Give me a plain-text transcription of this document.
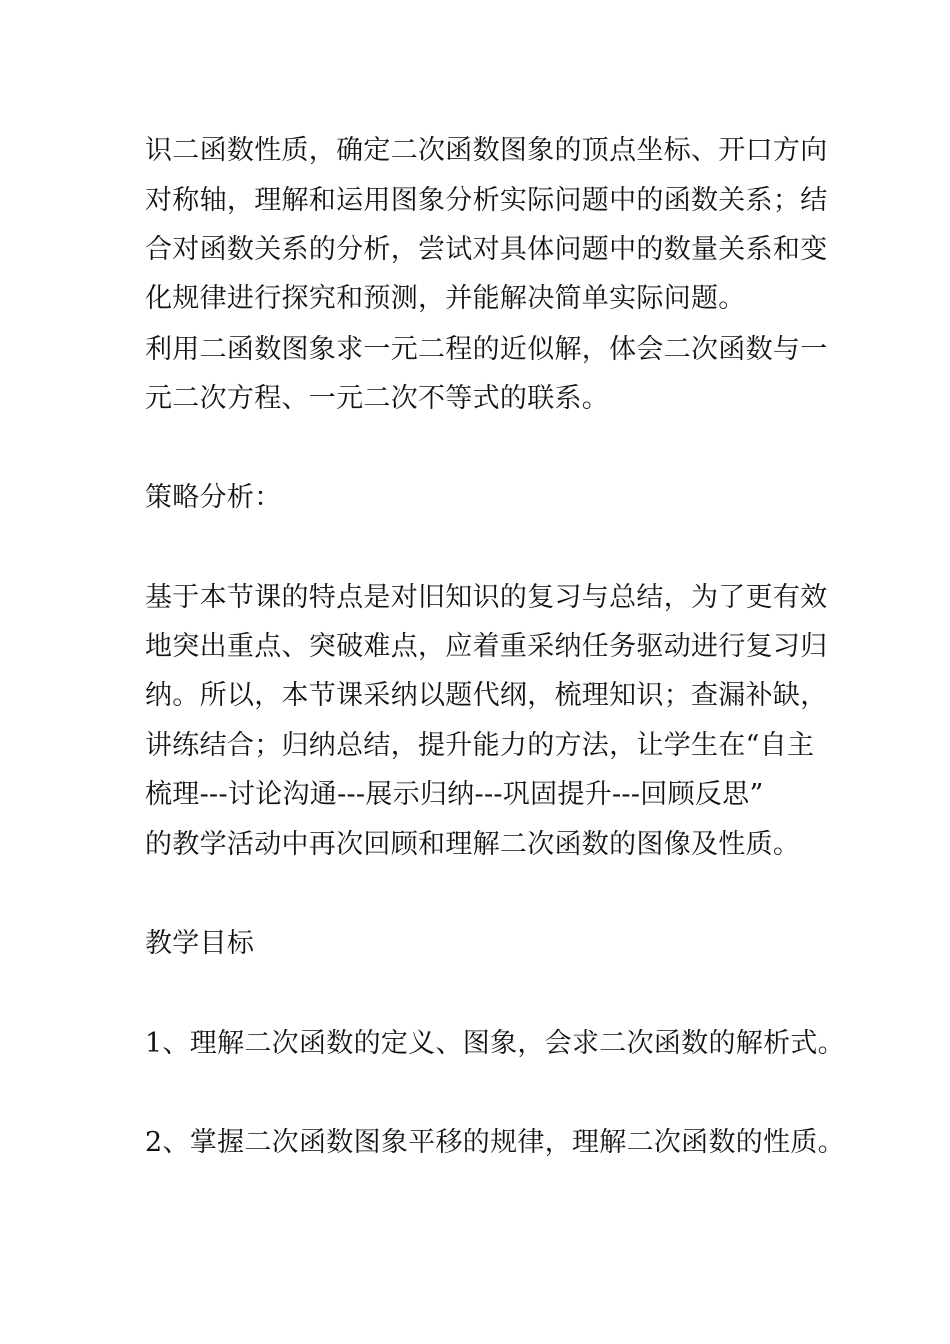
识二函数性质，确定二次函数图象的顶点坐标、开口方向
对称轴，理解和运用图象分析实际问题中的函数关系；结
合对函数关系的分析，尝试对具体问题中的数量关系和变
化规律进行探究和预测，并能解决简单实际问题。
利用二函数图象求一元二程的近似解，体会二次函数与一
元二次方程、一元二次不等式的联系。
策略分析：
基于本节课的特点是对旧知识的复习与总结，为了更有效
地突出重点、突破难点，应着重采纳任务驱动进行复习归
纳。所以，本节课采纳以题代纲，梳理知识；查漏补缺，
讲练结合；归纳总结，提升能力的方法，让学生在“自主
梳理---讨论沟通---展示归纳---巩固提升---回顾反思”
的教学活动中再次回顾和理解二次函数的图像及性质。
教学目标
1、理解二次函数的定义、图象，会求二次函数的解析式。
2、掌握二次函数图象平移的规律，理解二次函数的性质。
